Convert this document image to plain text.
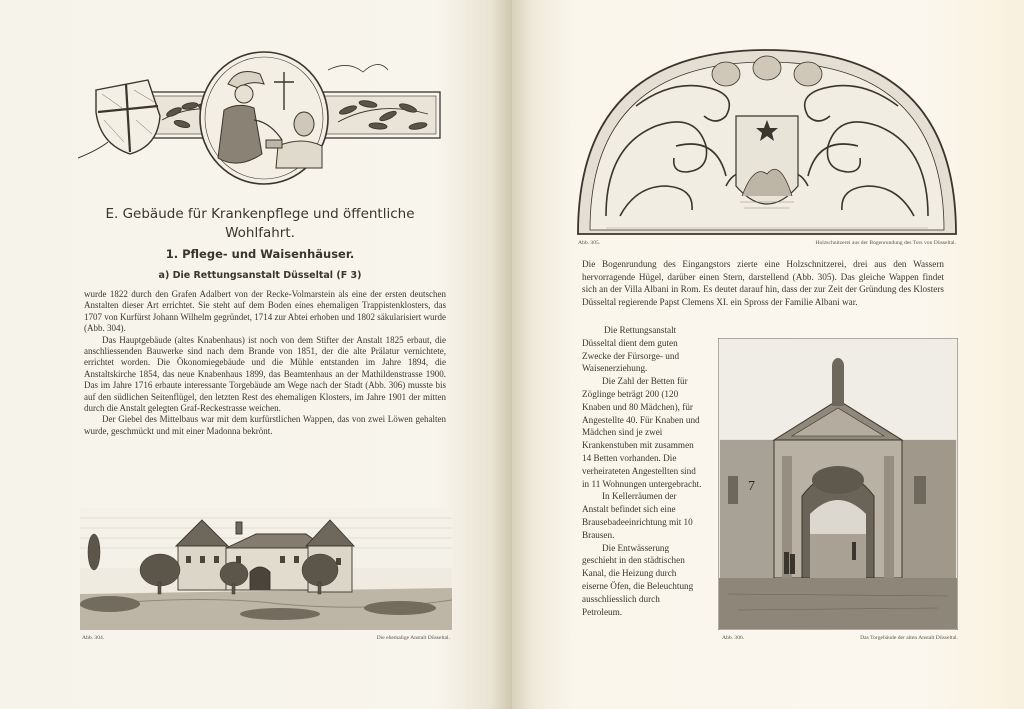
E. Gebäude für Krankenpflege und öffentliche Wohlfahrt.
1. Pflege- und Waisenhäuser.
a) Die Rettungsanstalt Düsseltal (F 3)

wurde 1822 durch den Grafen Adalbert von der Recke-Volmarstein als eine der ersten deutschen Anstalten dieser Art errichtet. Sie steht auf dem Boden eines ehemaligen Trappistenklosters, das 1707 von Kurfürst Johann Wilhelm gegründet, 1714 zur Abtei erhoben und 1802 säkularisiert wurde (Abb. 304).

Das Hauptgebäude (altes Knabenhaus) ist noch von dem Stifter der Anstalt 1825 erbaut, die anschliessenden Bauwerke sind nach dem Brande von 1851, der die alte Prälatur vernichtete, errichtet worden. Die Ökonomiegebäude und die Mühle entstanden im Jahre 1894, die Anstaltskirche 1854, das neue Knabenhaus 1899, das Beamtenhaus an der Mathildenstrasse 1900. Das im Jahre 1716 erbaute interessante Torgebäude am Wege nach der Stadt (Abb. 306) musste bis auf den südlichen Seitenflügel, den letzten Rest des ehemaligen Klosters, im Jahre 1901 der mitten durch die Anstalt gelegten Graf-Reckestrasse weichen.

Der Giebel des Mittelbaus war mit dem kurfürstlichen Wappen, das von zwei Löwen gehalten wurde, geschmückt und mit einer Madonna bekrönt.

Abb. 304.	Die ehemalige Anstalt Düsseltal.
Abb. 305.	Holzschnitzerei aus der Bogenrundung des Tors von Düsseltal.
Die Bogenrundung des Eingangstors zierte eine Holzschnitzerei, drei aus den Wassern hervorragende Hügel, darüber einen Stern, darstellend (Abb. 305). Das gleiche Wappen findet sich an der Villa Albani in Rom. Es deutet darauf hin, dass der zur Zeit der Gründung des Klosters Düsseltal regierende Papst Clemens XI. ein Spross der Familie Albani war.

Die Rettungsanstalt Düsseltal dient dem guten Zwecke der Fürsorge- und Waisenerziehung.

Die Zahl der Betten für Zöglinge beträgt 200 (120 Knaben und 80 Mädchen), für Angestellte 40. Für Knaben und Mädchen sind je zwei Krankenstuben mit zusammen 14 Betten vorhanden. Die verheirateten Angestellten sind in 11 Wohnungen untergebracht.

In Kellerräumen der Anstalt befindet sich eine Brausebadeeinrichtung mit 10 Brausen.

Die Entwässerung geschieht in den städtischen Kanal, die Heizung durch eiserne Öfen, die Beleuchtung ausschliesslich durch Petroleum.

7
Abb. 306.	Das Torgebäude der alten Anstalt Düsseltal.
